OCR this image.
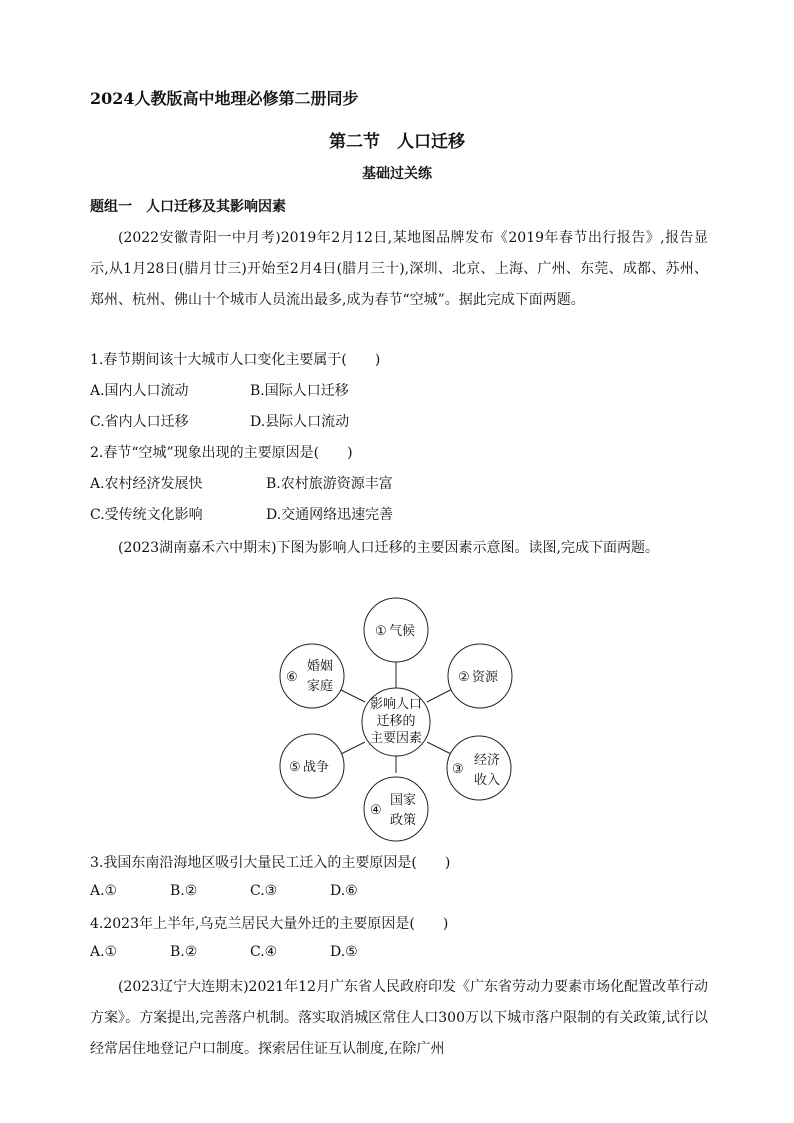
2024人教版高中地理必修第二册同步
第二节　人口迁移
基础过关练
题组一　人口迁移及其影响因素
(2022安徽青阳一中月考)2019年2月12日,某地图品牌发布《2019年春节出行报告》,报告显示,从1月28日(腊月廿三)开始至2月4日(腊月三十),深圳、北京、上海、广州、东莞、成都、苏州、郑州、杭州、佛山十个城市人员流出最多,成为春节“空城”。据此完成下面两题。
1.春节期间该十大城市人口变化主要属于(　　)
A.国内人口流动	B.国际人口迁移
C.省内人口迁移	D.县际人口流动
2.春节“空城”现象出现的主要原因是(　　)
A.农村经济发展快	B.农村旅游资源丰富
C.受传统文化影响	D.交通网络迅速完善
(2023湖南嘉禾六中期末)下图为影响人口迁移的主要因素示意图。读图,完成下面两题。
影响人口
迁移的
主要因素
① 气候
② 资源
③
经济
收入
④
国家
政策
⑤ 战争
⑥
婚姻
家庭
3.我国东南沿海地区吸引大量民工迁入的主要原因是(　　)
A.①	B.②	C.③	D.⑥
4.2023年上半年,乌克兰居民大量外迁的主要原因是(　　)
A.①	B.②	C.④	D.⑤
(2023辽宁大连期末)2021年12月广东省人民政府印发《广东省劳动力要素市场化配置改革行动方案》。方案提出,完善落户机制。落实取消城区常住人口300万以下城市落户限制的有关政策,试行以经常居住地登记户口制度。探索居住证互认制度,在除广州
